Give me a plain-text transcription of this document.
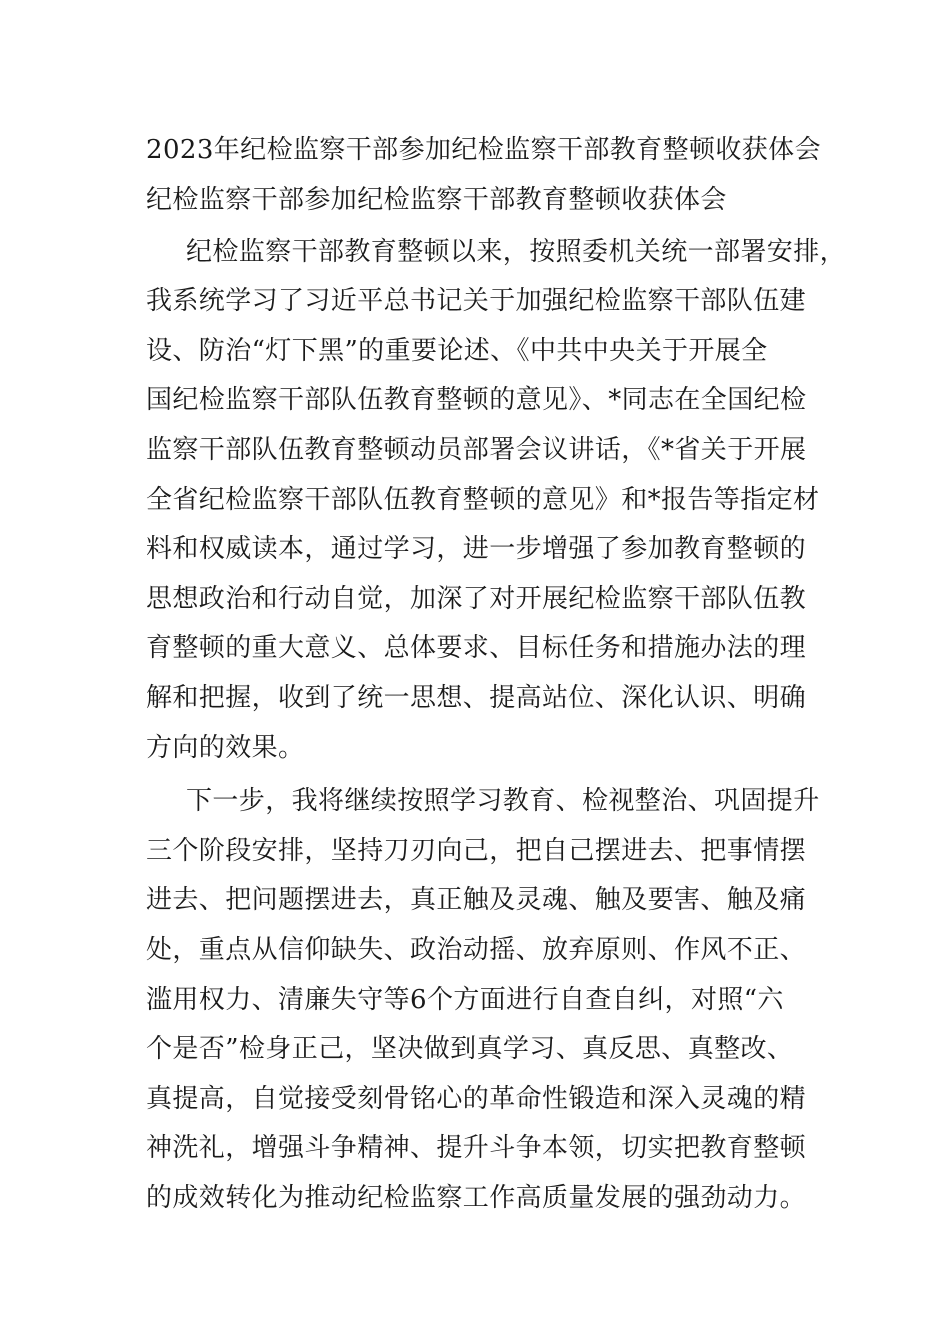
2023年纪检监察干部参加纪检监察干部教育整顿收获体会
纪检监察干部参加纪检监察干部教育整顿收获体会
纪检监察干部教育整顿以来，按照委机关统一部署安排，
我系统学习了习近平总书记关于加强纪检监察干部队伍建
设、防治“灯下黑”的重要论述、《中共中央关于开展全
国纪检监察干部队伍教育整顿的意见》、*同志在全国纪检
监察干部队伍教育整顿动员部署会议讲话，《*省关于开展
全省纪检监察干部队伍教育整顿的意见》和*报告等指定材
料和权威读本，通过学习，进一步增强了参加教育整顿的
思想政治和行动自觉，加深了对开展纪检监察干部队伍教
育整顿的重大意义、总体要求、目标任务和措施办法的理
解和把握，收到了统一思想、提高站位、深化认识、明确
方向的效果。
下一步，我将继续按照学习教育、检视整治、巩固提升
三个阶段安排，坚持刀刃向己，把自己摆进去、把事情摆
进去、把问题摆进去，真正触及灵魂、触及要害、触及痛
处，重点从信仰缺失、政治动摇、放弃原则、作风不正、
滥用权力、清廉失守等6个方面进行自查自纠，对照“六
个是否”检身正己，坚决做到真学习、真反思、真整改、
真提高，自觉接受刻骨铭心的革命性锻造和深入灵魂的精
神洗礼，增强斗争精神、提升斗争本领，切实把教育整顿
的成效转化为推动纪检监察工作高质量发展的强劲动力。
